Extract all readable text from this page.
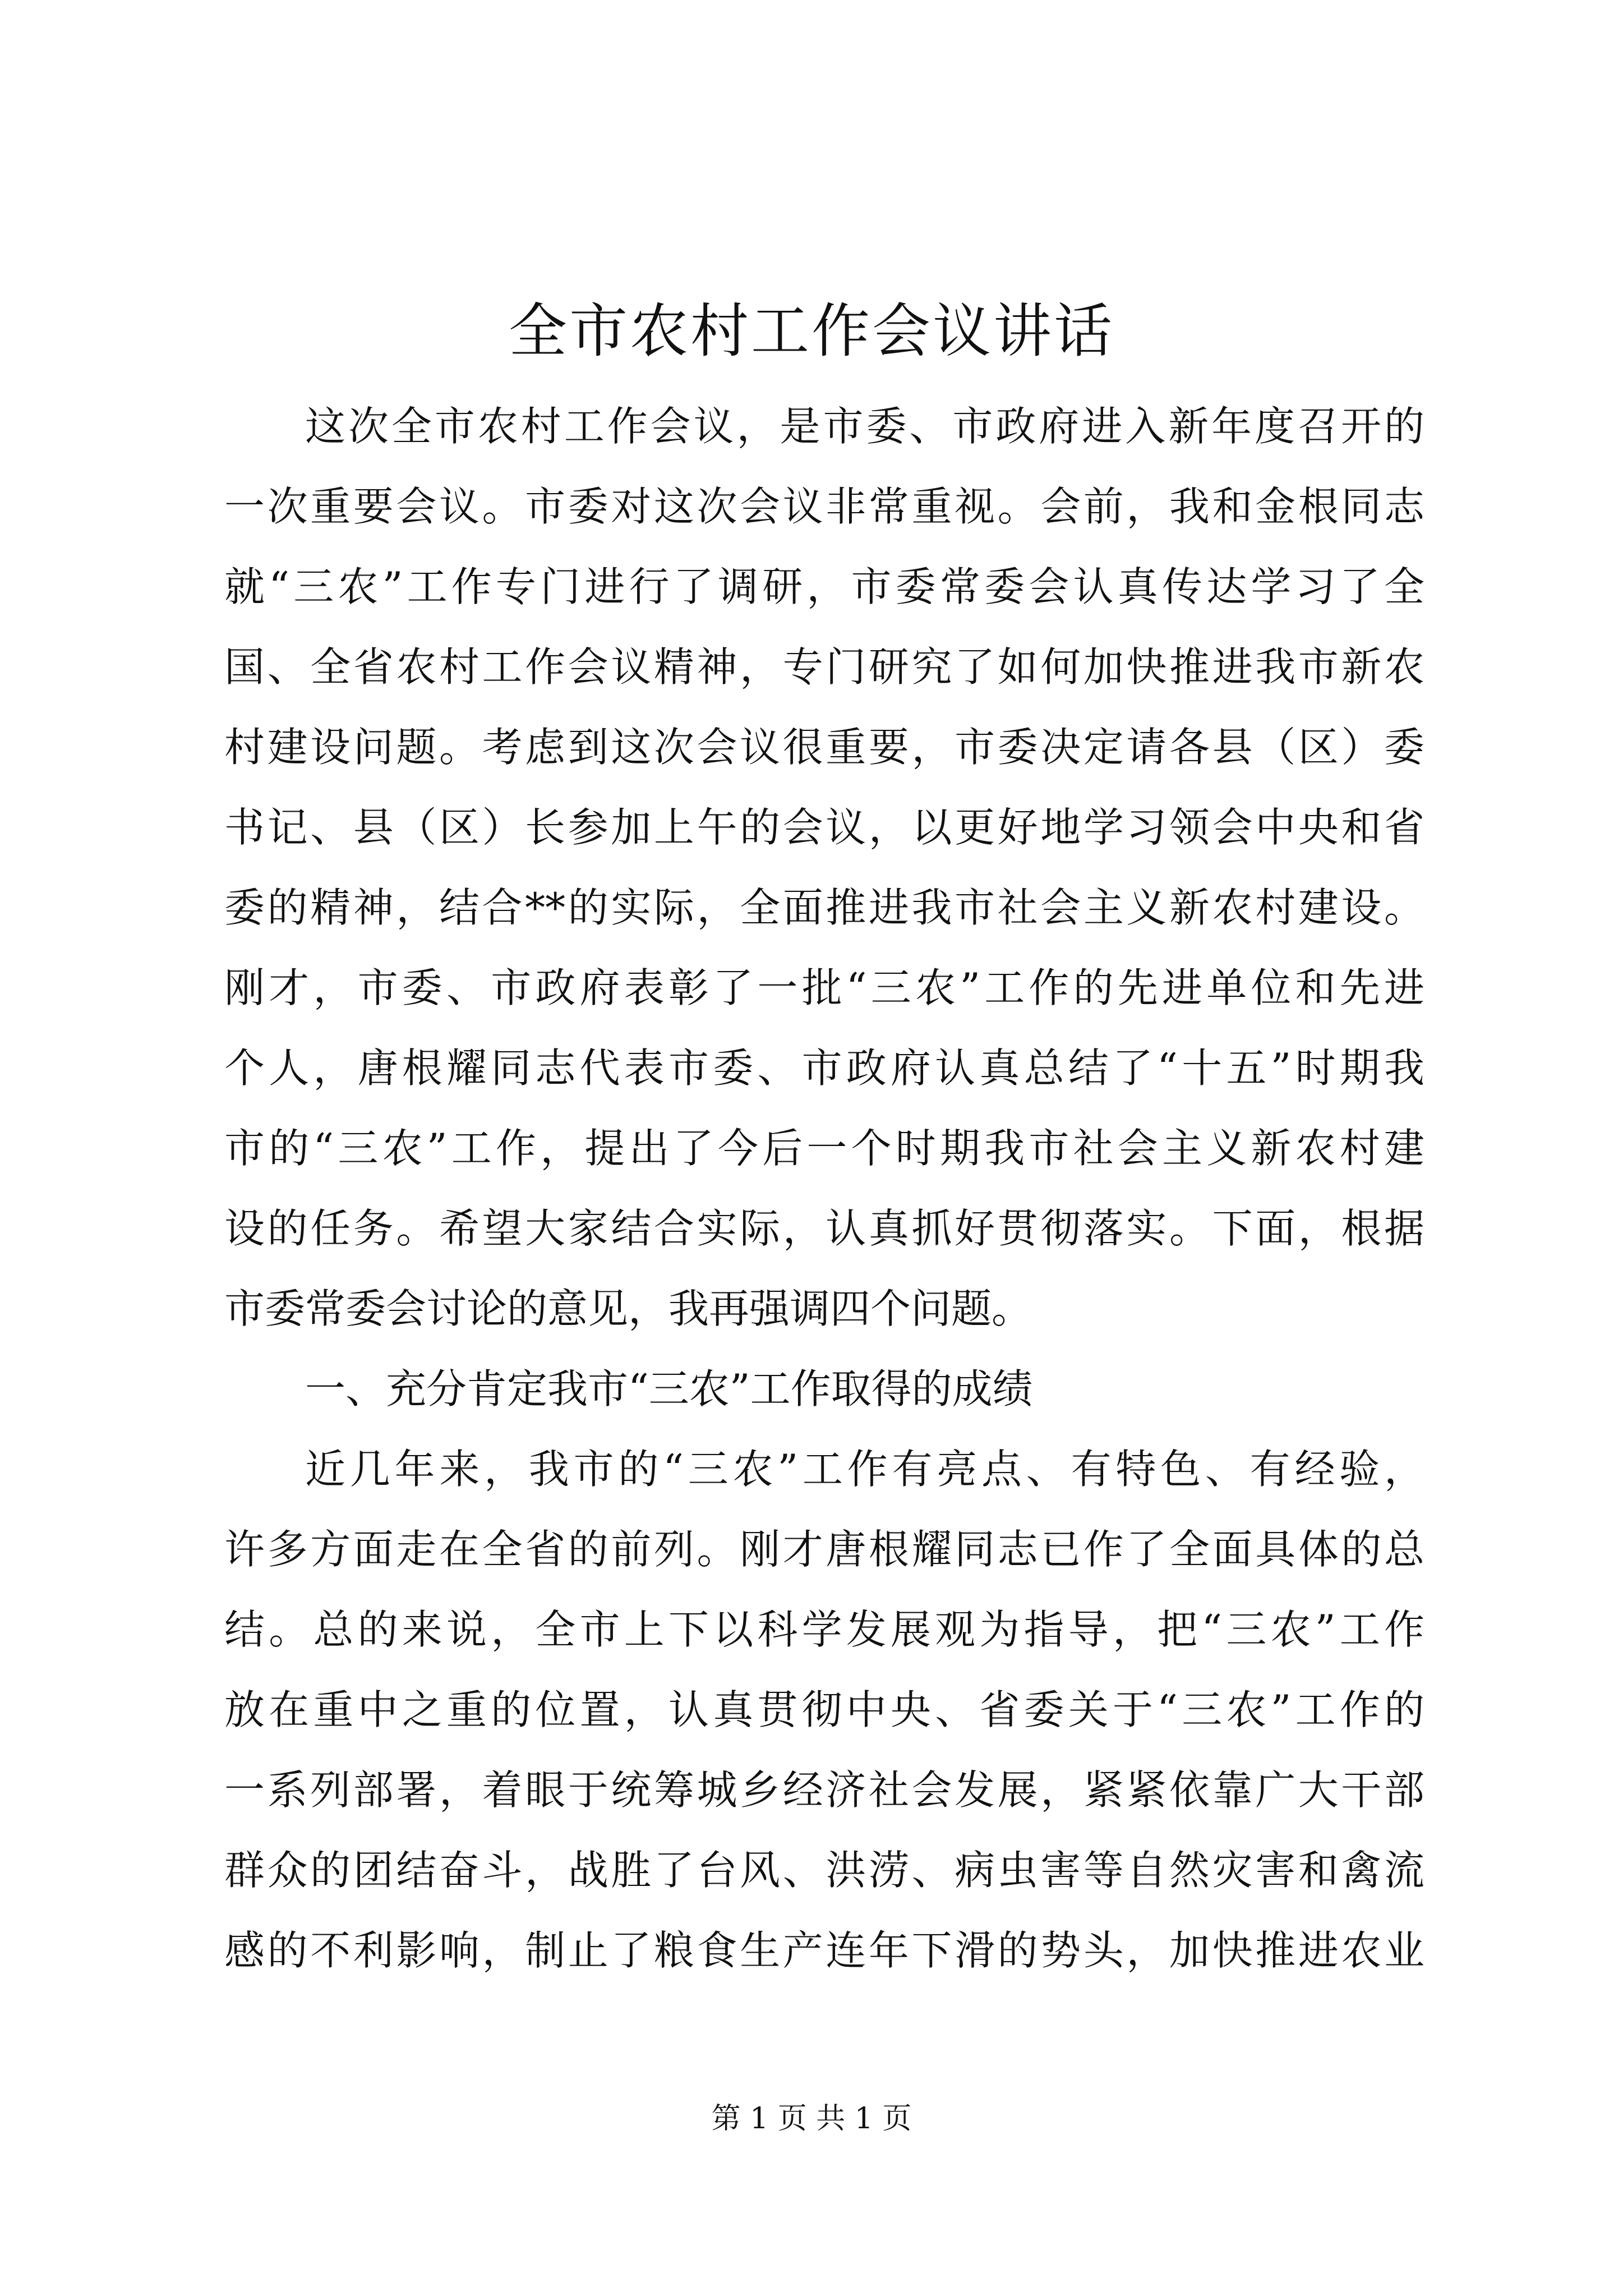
全市农村工作会议讲话

这次全市农村工作会议，是市委、市政府进入新年度召开的

一次重要会议。市委对这次会议非常重视。会前，我和金根同志

就“三农”工作专门进行了调研，市委常委会认真传达学习了全

国、全省农村工作会议精神，专门研究了如何加快推进我市新农

村建设问题。考虑到这次会议很重要，市委决定请各县（区）委

书记、县（区）长参加上午的会议，以更好地学习领会中央和省

委的精神，结合**的实际，全面推进我市社会主义新农村建设。

刚才，市委、市政府表彰了一批“三农”工作的先进单位和先进

个人，唐根耀同志代表市委、市政府认真总结了“十五”时期我

市的“三农”工作，提出了今后一个时期我市社会主义新农村建

设的任务。希望大家结合实际，认真抓好贯彻落实。下面，根据

市委常委会讨论的意见，我再强调四个问题。

一、充分肯定我市“三农”工作取得的成绩

近几年来，我市的“三农”工作有亮点、有特色、有经验，

许多方面走在全省的前列。刚才唐根耀同志已作了全面具体的总

结。总的来说，全市上下以科学发展观为指导，把“三农”工作

放在重中之重的位置，认真贯彻中央、省委关于“三农”工作的

一系列部署，着眼于统筹城乡经济社会发展，紧紧依靠广大干部

群众的团结奋斗，战胜了台风、洪涝、病虫害等自然灾害和禽流

感的不利影响，制止了粮食生产连年下滑的势头，加快推进农业

第 1 页 共 1 页
